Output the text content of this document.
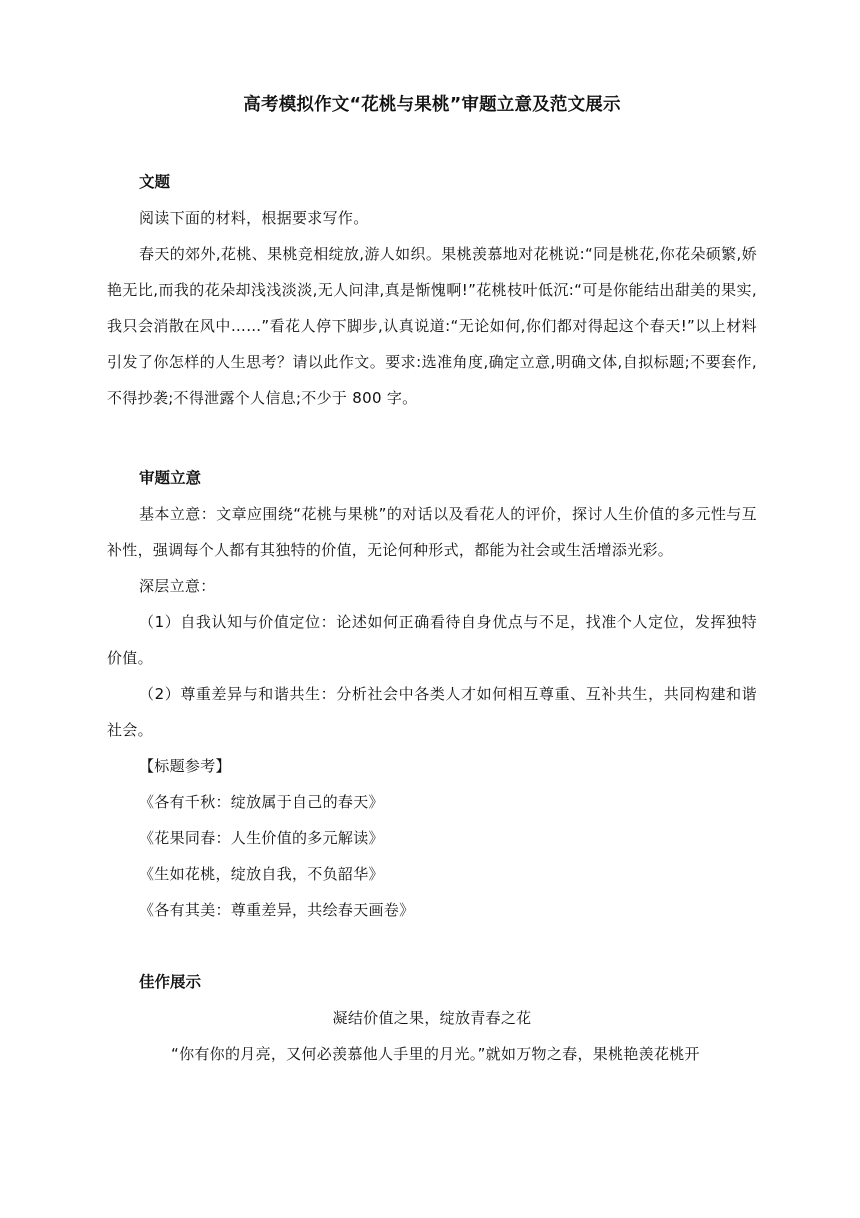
高考模拟作文“花桃与果桃”审题立意及范文展示
文题

阅读下面的材料，根据要求写作。

春天的郊外,花桃、果桃竞相绽放,游人如织。果桃羡慕地对花桃说:“同是桃花,你花朵硕繁,娇艳无比,而我的花朵却浅浅淡淡,无人问津,真是惭愧啊!”花桃枝叶低沉:“可是你能结出甜美的果实,我只会消散在风中……”看花人停下脚步,认真说道:“无论如何,你们都对得起这个春天!”以上材料引发了你怎样的人生思考？请以此作文。要求:选准角度,确定立意,明确文体,自拟标题;不要套作,不得抄袭;不得泄露个人信息;不少于 800 字。

审题立意

基本立意：文章应围绕“花桃与果桃”的对话以及看花人的评价，探讨人生价值的多元性与互补性，强调每个人都有其独特的价值，无论何种形式，都能为社会或生活增添光彩。

深层立意：

（1）自我认知与价值定位：论述如何正确看待自身优点与不足，找准个人定位，发挥独特价值。

（2）尊重差异与和谐共生：分析社会中各类人才如何相互尊重、互补共生，共同构建和谐社会。

【标题参考】

《各有千秋：绽放属于自己的春天》

《花果同春：人生价值的多元解读》

《生如花桃，绽放自我，不负韶华》

《各有其美：尊重差异，共绘春天画卷》

佳作展示

凝结价值之果，绽放青春之花

“你有你的月亮，又何必羡慕他人手里的月光。”就如万物之春，果桃艳羡花桃开
